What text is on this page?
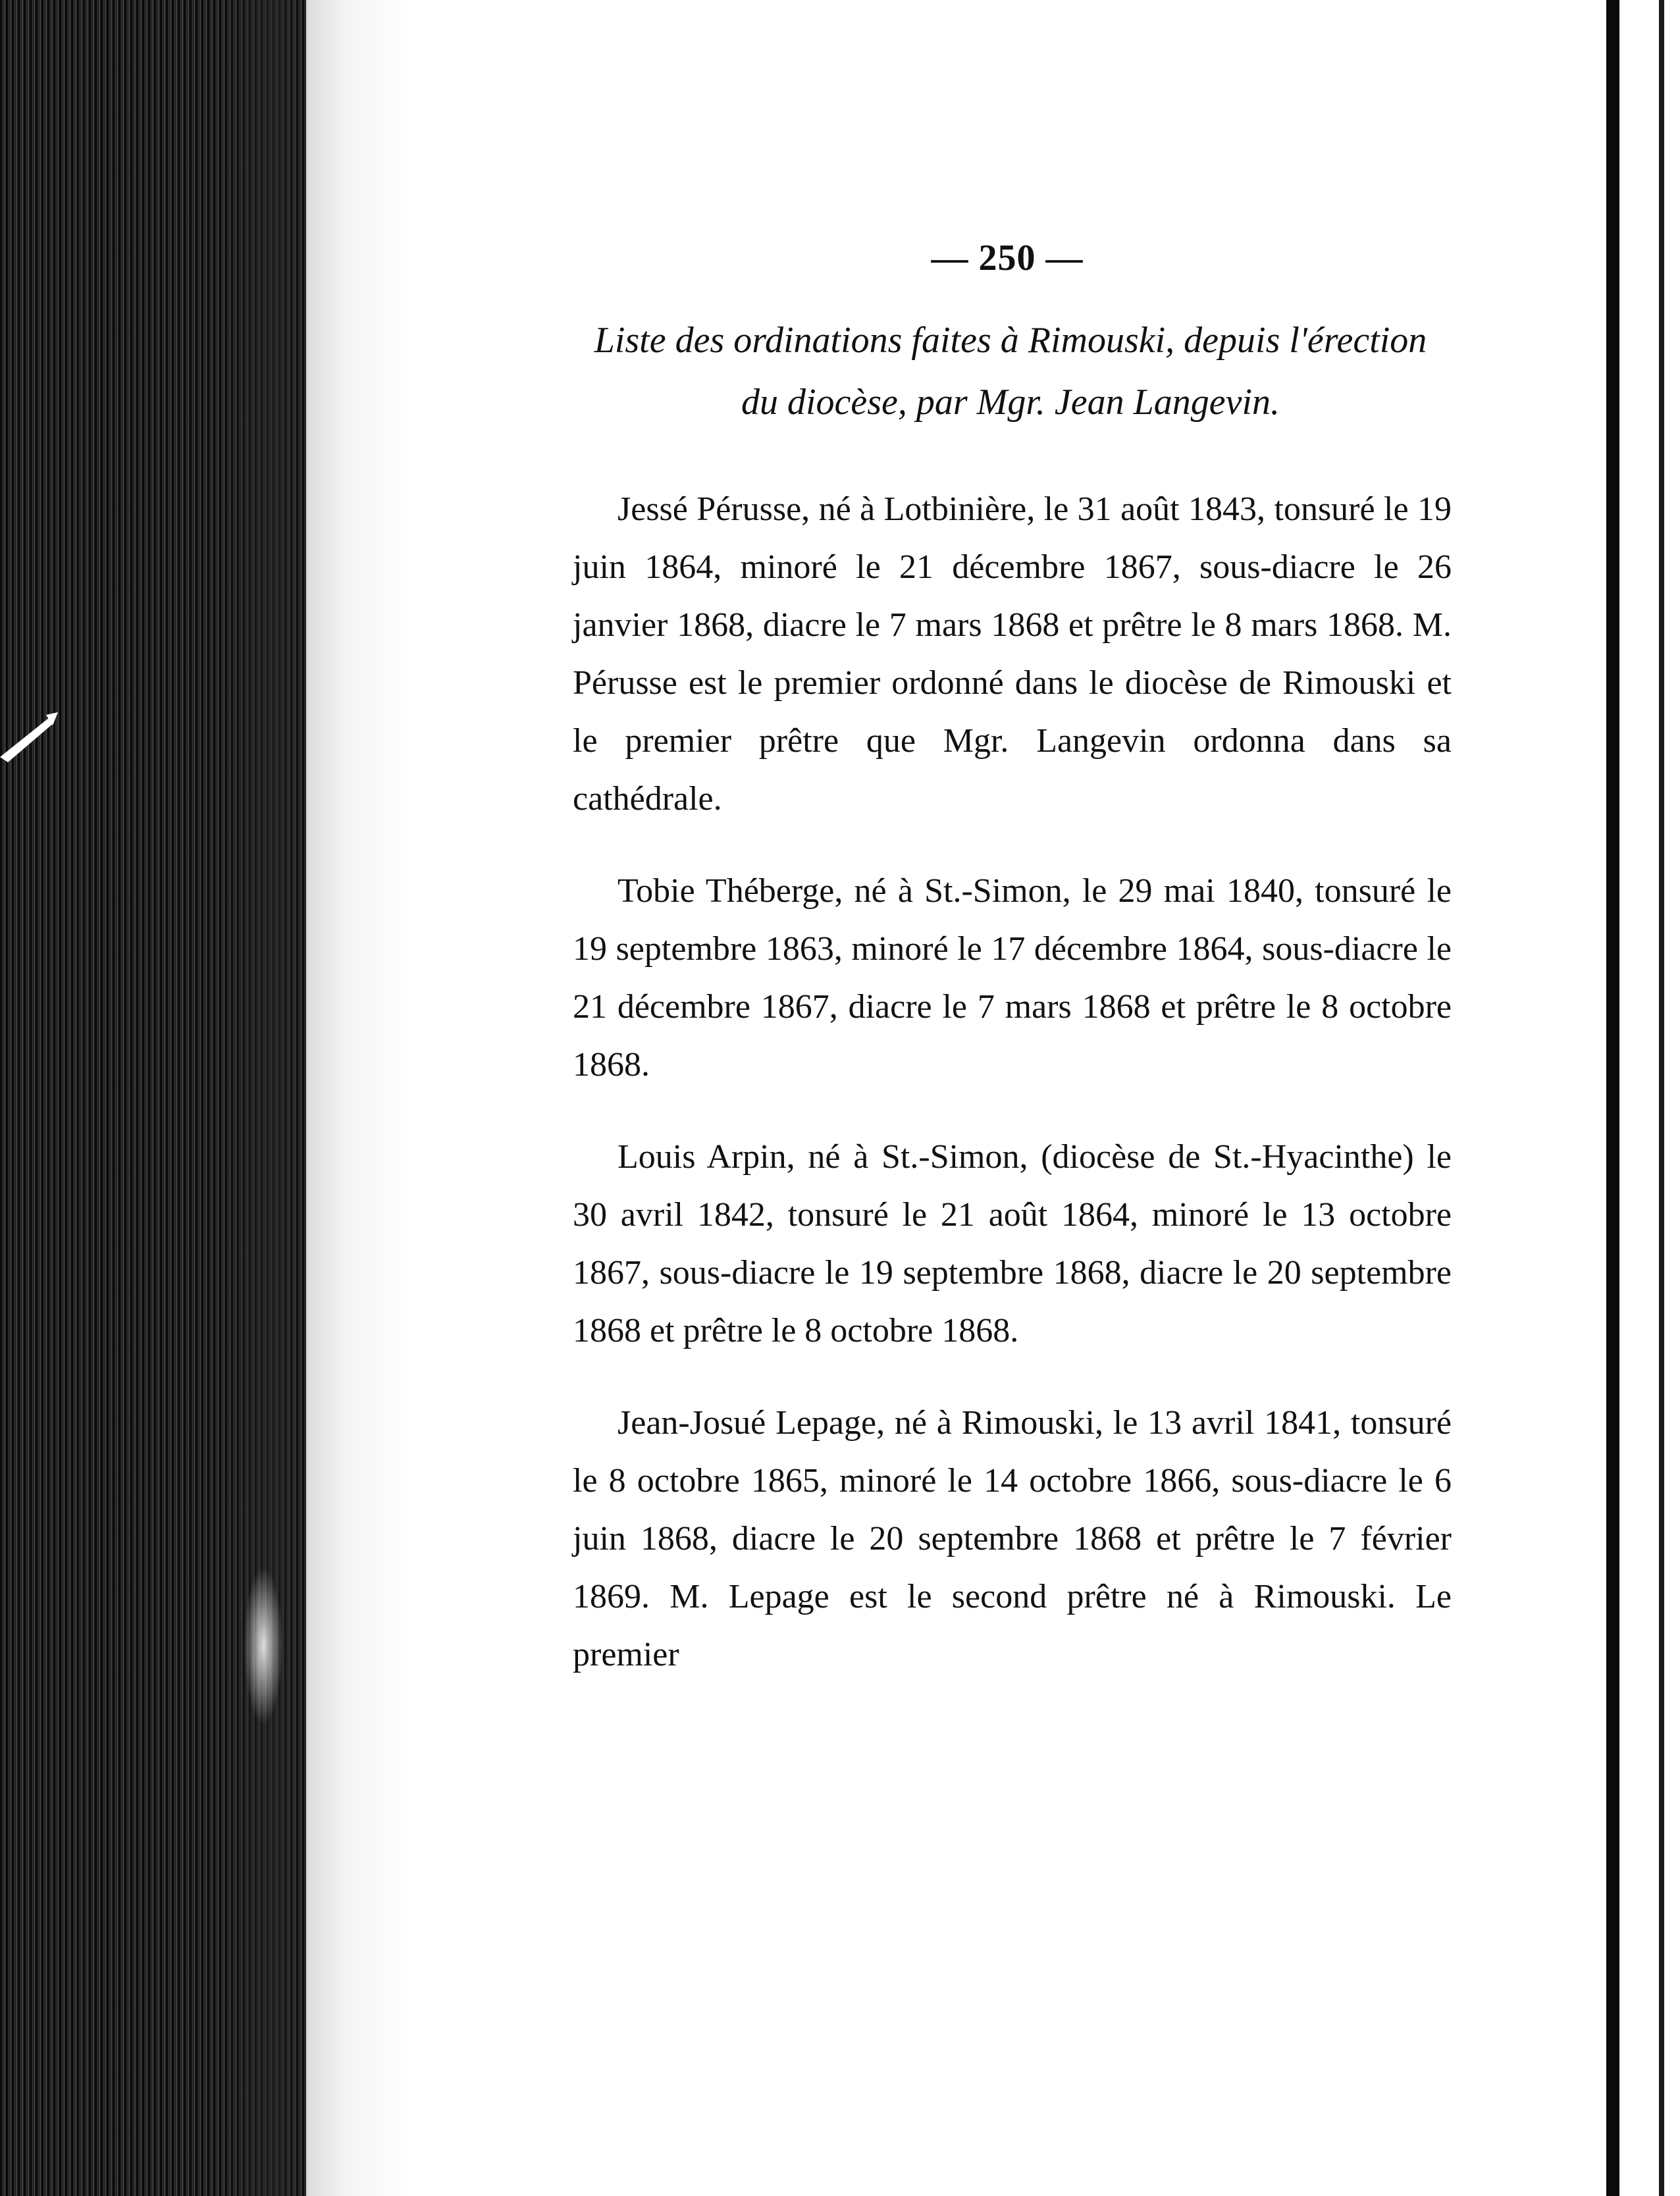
— 250 —
Liste des ordinations faites à Rimouski, depuis l'érection
du diocèse, par Mgr. Jean Langevin.

Jessé Pérusse, né à Lotbinière, le 31 août 1843, tonsuré le 19 juin 1864, minoré le 21 décembre 1867, sous-diacre le 26 janvier 1868, diacre le 7 mars 1868 et prêtre le 8 mars 1868. M. Pérusse est le premier ordonné dans le diocèse de Rimouski et le premier prêtre que Mgr. Langevin ordonna dans sa cathédrale.

Tobie Théberge, né à St.-Simon, le 29 mai 1840, tonsuré le 19 septembre 1863, minoré le 17 décembre 1864, sous-diacre le 21 décembre 1867, diacre le 7 mars 1868 et prêtre le 8 octobre 1868.

Louis Arpin, né à St.-Simon, (diocèse de St.-Hyacinthe) le 30 avril 1842, tonsuré le 21 août 1864, minoré le 13 octobre 1867, sous-diacre le 19 septembre 1868, diacre le 20 septembre 1868 et prêtre le 8 octobre 1868.

Jean-Josué Lepage, né à Rimouski, le 13 avril 1841, tonsuré le 8 octobre 1865, minoré le 14 octobre 1866, sous-diacre le 6 juin 1868, diacre le 20 septembre 1868 et prêtre le 7 février 1869. M. Lepage est le second prêtre né à Rimouski. Le premier
